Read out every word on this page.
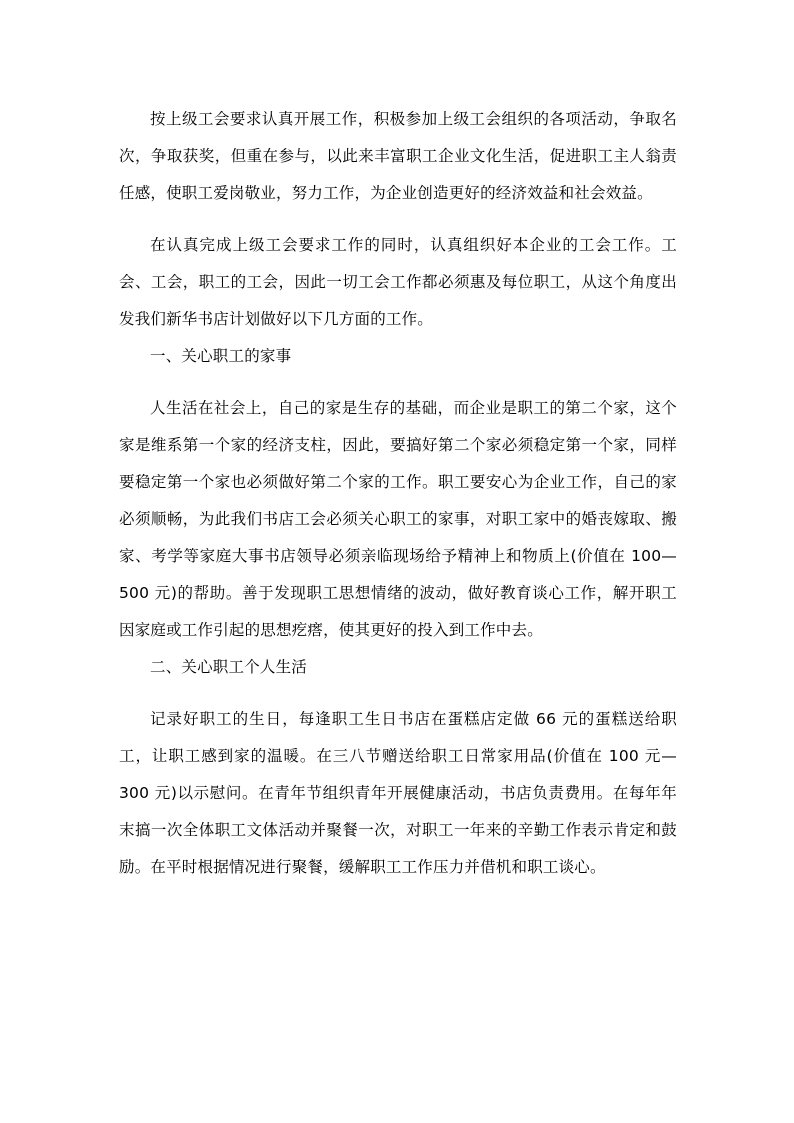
按上级工会要求认真开展工作，积极参加上级工会组织的各项活动，争取名次，争取获奖，但重在参与，以此来丰富职工企业文化生活，促进职工主人翁责任感，使职工爱岗敬业，努力工作，为企业创造更好的经济效益和社会效益。

在认真完成上级工会要求工作的同时，认真组织好本企业的工会工作。工会、工会，职工的工会，因此一切工会工作都必须惠及每位职工，从这个角度出发我们新华书店计划做好以下几方面的工作。

一、关心职工的家事

人生活在社会上，自己的家是生存的基础，而企业是职工的第二个家，这个家是维系第一个家的经济支柱，因此，要搞好第二个家必须稳定第一个家，同样要稳定第一个家也必须做好第二个家的工作。职工要安心为企业工作，自己的家必须顺畅，为此我们书店工会必须关心职工的家事，对职工家中的婚丧嫁取、搬家、考学等家庭大事书店领导必须亲临现场给予精神上和物质上(价值在 100—500 元)的帮助。善于发现职工思想情绪的波动，做好教育谈心工作，解开职工因家庭或工作引起的思想疙瘩，使其更好的投入到工作中去。

二、关心职工个人生活

记录好职工的生日，每逢职工生日书店在蛋糕店定做 66 元的蛋糕送给职工，让职工感到家的温暖。在三八节赠送给职工日常家用品(价值在 100 元—300 元)以示慰问。在青年节组织青年开展健康活动，书店负责费用。在每年年末搞一次全体职工文体活动并聚餐一次，对职工一年来的辛勤工作表示肯定和鼓励。在平时根据情况进行聚餐，缓解职工工作压力并借机和职工谈心。
